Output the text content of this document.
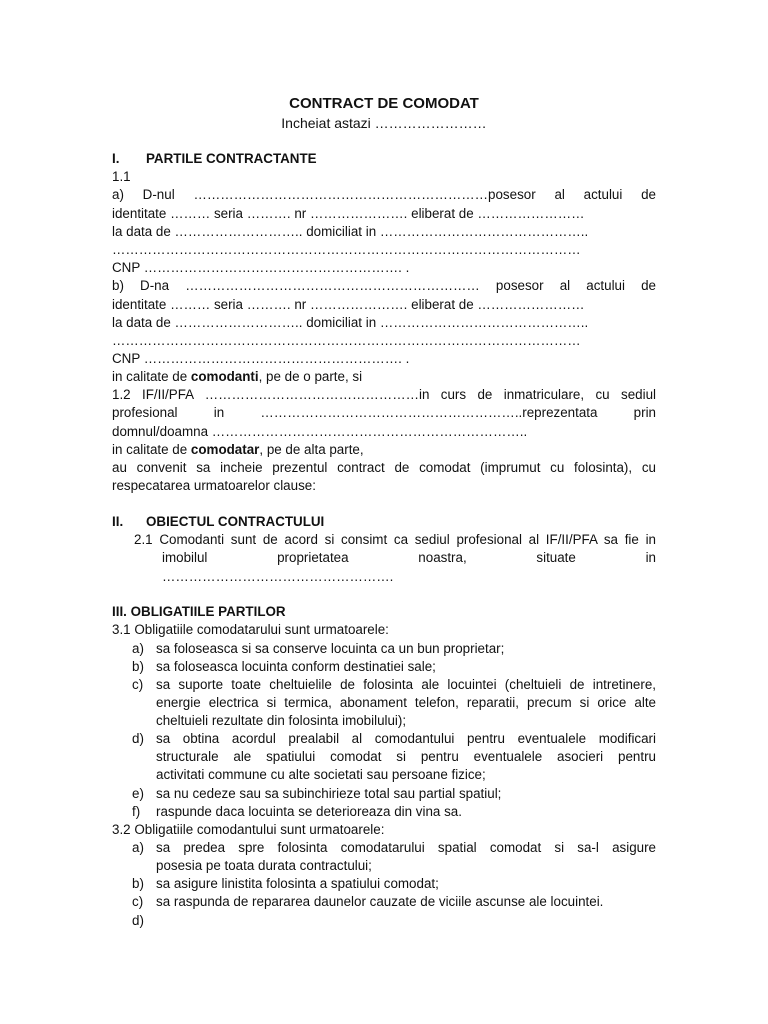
CONTRACT DE COMODAT
Incheiat astazi ……………………
I. PARTILE CONTRACTANTE
1.1
a) D-nul …………………………………………………………posesor al actului de
identitate ……… seria ………. nr …………………. eliberat de ……………………
la data de ……………………….. domiciliat in ………………………………………..
……………………………………………………………………………………………
CNP …………………………………………………. .
b) D-na ………………………………………………………… posesor al actului de
identitate ……… seria ………. nr …………………. eliberat de ……………………
la data de ……………………….. domiciliat in ………………………………………..
……………………………………………………………………………………………
CNP …………………………………………………. .
in calitate de comodanti, pe de o parte, si
1.2 IF/II/PFA …………………………………………in curs de inmatriculare, cu sediul
profesional in …………………………………………………..reprezentata prin
domnul/doamna ……………………………………………………………..
in calitate de comodatar, pe de alta parte,
au convenit sa incheie prezentul contract de comodat (imprumut cu folosinta), cu
respecatarea urmatoarelor clause:
II. OBIECTUL CONTRACTULUI
2.1 Comodanti sunt de acord si consimt ca sediul profesional al IF/II/PFA sa fie in
imobilul proprietatea noastra, situate in
…………………………………………….
III. OBLIGATIILE PARTILOR
3.1 Obligatiile comodatarului sunt urmatoarele:
a) sa foloseasca si sa conserve locuinta ca un bun proprietar;
b) sa foloseasca locuinta conform destinatiei sale;
c) sa suporte toate cheltuielile de folosinta ale locuintei (cheltuieli de intretinere,
energie electrica si termica, abonament telefon, reparatii, precum si orice alte
cheltuieli rezultate din folosinta imobilului);
d) sa obtina acordul prealabil al comodantului pentru eventualele modificari
structurale ale spatiului comodat si pentru eventualele asocieri pentru
activitati commune cu alte societati sau persoane fizice;
e) sa nu cedeze sau sa subinchirieze total sau partial spatiul;
f) raspunde daca locuinta se deterioreaza din vina sa.
3.2 Obligatiile comodantului sunt urmatoarele:
a) sa predea spre folosinta comodatarului spatial comodat si sa-l asigure
posesia pe toata durata contractului;
b) sa asigure linistita folosinta a spatiului comodat;
c) sa raspunda de repararea daunelor cauzate de viciile ascunse ale locuintei.
d)
